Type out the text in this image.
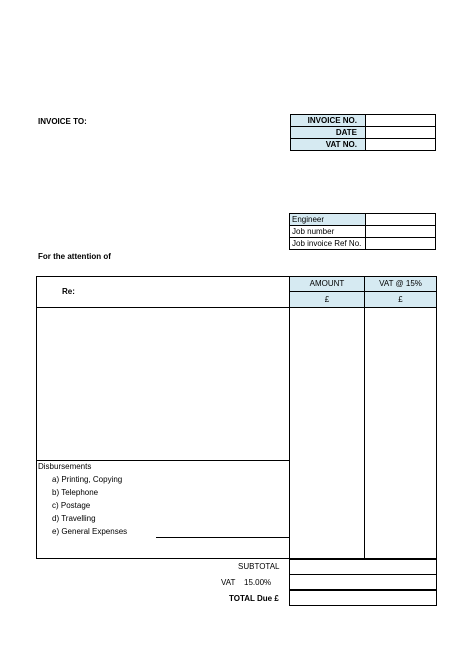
INVOICE TO:	INVOICE NO.
DATE
VAT NO.
Engineer
Job number
Job invoice Ref No.
For the attention of
AMOUNT	VAT @ 15%
£	£
Re:
Disbursements
a) Printing, Copying
b) Telephone
c) Postage
d) Travelling
e) General Expenses
SUBTOTAL
VAT 15.00%
TOTAL Due £
